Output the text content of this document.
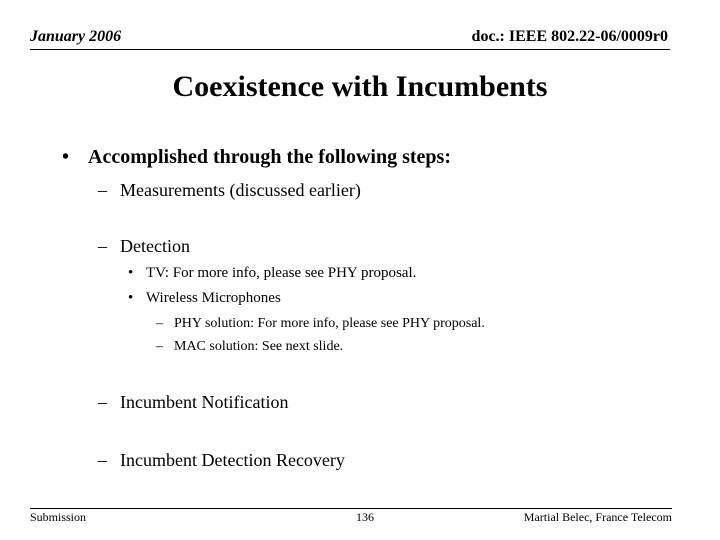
January 2006	doc.: IEEE 802.22-06/0009r0
Coexistence with Incumbents
• Accomplished through the following steps:
– Measurements (discussed earlier)
– Detection
• TV: For more info, please see PHY proposal.
• Wireless Microphones
– PHY solution: For more info, please see PHY proposal.
– MAC solution: See next slide.
– Incumbent Notification
– Incumbent Detection Recovery
Submission	136	Martial Belec, France Telecom
